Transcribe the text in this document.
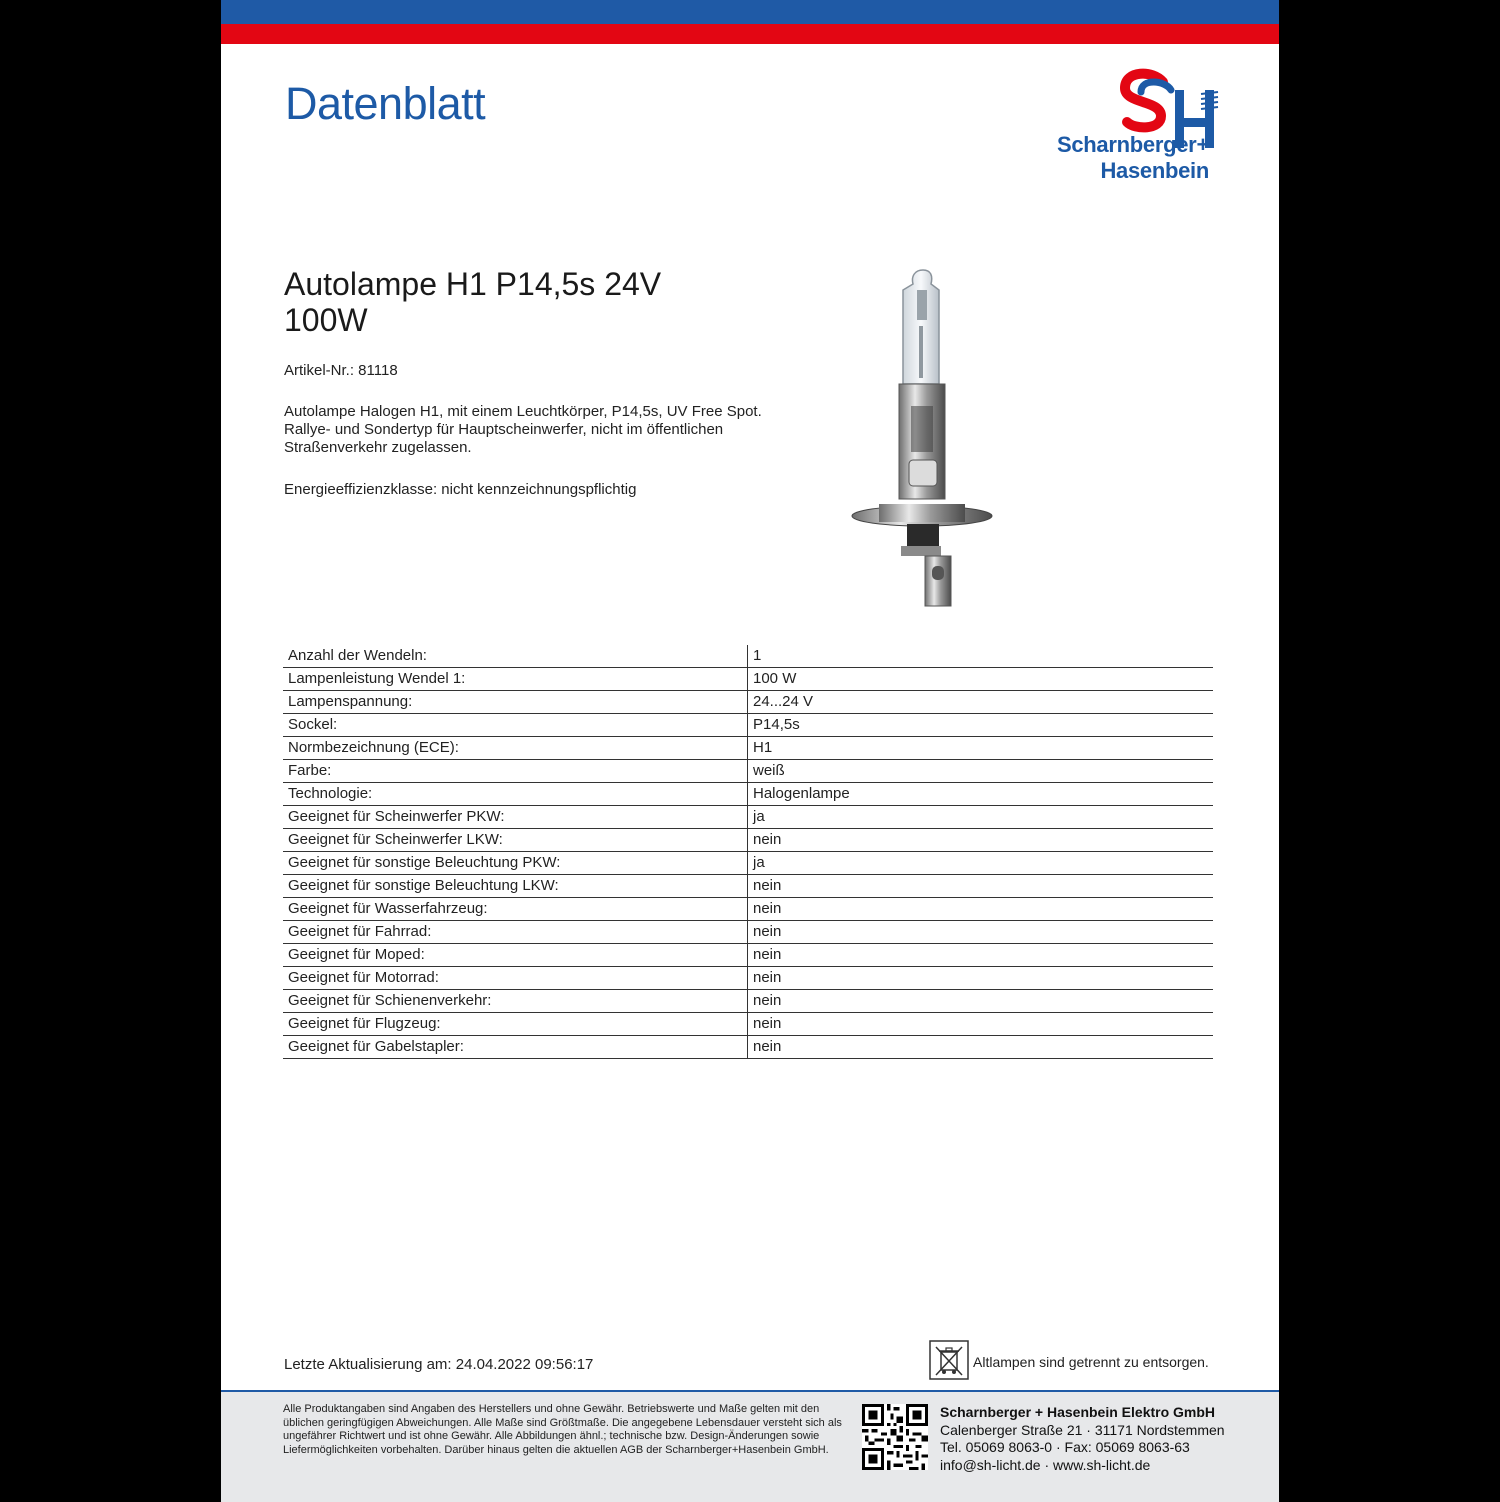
Datenblatt
Scharnberger+
Hasenbein
Autolampe H1 P14,5s 24V 100W
Artikel-Nr.: 81118

Autolampe Halogen H1, mit einem Leuchtkörper, P14,5s, UV Free Spot. Rallye- und Sondertyp für Hauptscheinwerfer, nicht im öffentlichen Straßenverkehr zugelassen.

Energieeffizienzklasse: nicht kennzeichnungspflichtig
Anzahl der Wendeln:	1
Lampenleistung Wendel 1:	100 W
Lampenspannung:	24...24 V
Sockel:	P14,5s
Normbezeichnung (ECE):	H1
Farbe:	weiß
Technologie:	Halogenlampe
Geeignet für Scheinwerfer PKW:	ja
Geeignet für Scheinwerfer LKW:	nein
Geeignet für sonstige Beleuchtung PKW:	ja
Geeignet für sonstige Beleuchtung LKW:	nein
Geeignet für Wasserfahrzeug:	nein
Geeignet für Fahrrad:	nein
Geeignet für Moped:	nein
Geeignet für Motorrad:	nein
Geeignet für Schienenverkehr:	nein
Geeignet für Flugzeug:	nein
Geeignet für Gabelstapler:	nein
Letzte Aktualisierung am: 24.04.2022 09:56:17	Altlampen sind getrennt zu entsorgen.

Alle Produktangaben sind Angaben des Herstellers und ohne Gewähr. Betriebswerte und Maße gelten mit den üblichen geringfügigen Abweichungen. Alle Maße sind Größtmaße. Die angegebene Lebensdauer versteht sich als ungefährer Richtwert und ist ohne Gewähr. Alle Abbildungen ähnl.; technische bzw. Design-Änderungen sowie Liefermöglichkeiten vorbehalten. Darüber hinaus gelten die aktuellen AGB der Scharnberger+Hasenbein GmbH.

Scharnberger + Hasenbein Elektro GmbH
Calenberger Straße 21 · 31171 Nordstemmen
Tel. 05069 8063-0 · Fax: 05069 8063-63
info@sh-licht.de · www.sh-licht.de
